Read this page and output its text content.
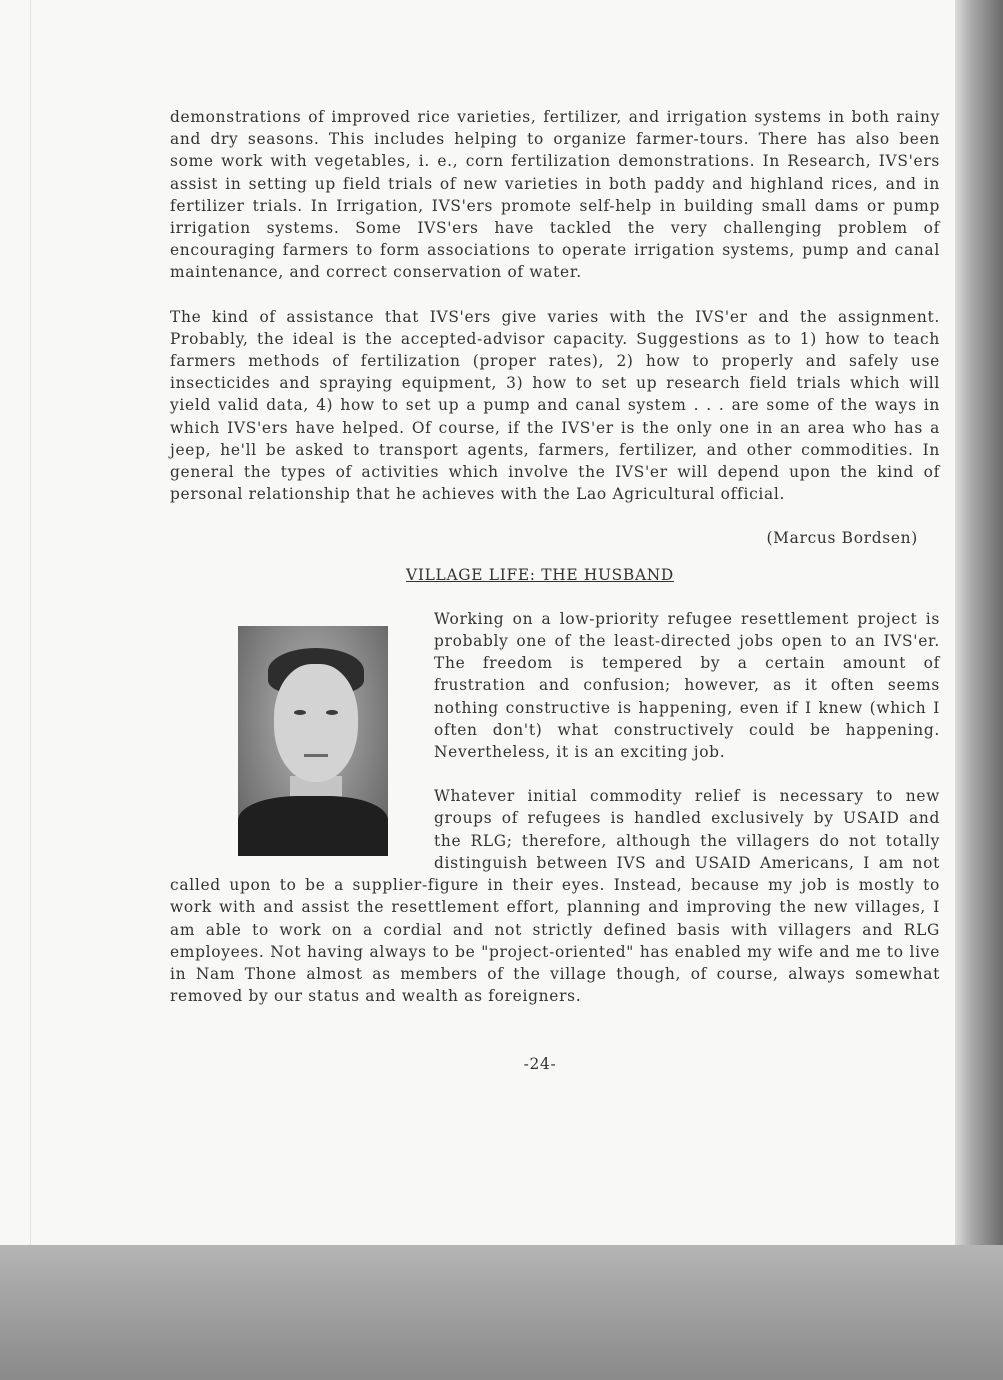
demonstrations of improved rice varieties, fertilizer, and irrigation systems in both rainy and dry seasons. This includes helping to organize farmer-tours. There has also been some work with vegetables, i. e., corn fertilization demonstrations. In Research, IVS'ers assist in setting up field trials of new varieties in both paddy and highland rices, and in fertilizer trials. In Irrigation, IVS'ers promote self-help in building small dams or pump irrigation systems. Some IVS'ers have tackled the very challenging problem of encouraging farmers to form associations to operate irrigation systems, pump and canal maintenance, and correct conservation of water.

The kind of assistance that IVS'ers give varies with the IVS'er and the assignment. Probably, the ideal is the accepted-advisor capacity. Suggestions as to 1) how to teach farmers methods of fertilization (proper rates), 2) how to properly and safely use insecticides and spraying equipment, 3) how to set up research field trials which will yield valid data, 4) how to set up a pump and canal system . . . are some of the ways in which IVS'ers have helped. Of course, if the IVS'er is the only one in an area who has a jeep, he'll be asked to transport agents, farmers, fertilizer, and other commodities. In general the types of activities which involve the IVS'er will depend upon the kind of personal relationship that he achieves with the Lao Agricultural official.

(Marcus Bordsen)

VILLAGE LIFE: THE HUSBAND

Working on a low-priority refugee resettlement project is probably one of the least-directed jobs open to an IVS'er. The freedom is tempered by a certain amount of frustration and confusion; however, as it often seems nothing constructive is happening, even if I knew (which I often don't) what constructively could be happening. Nevertheless, it is an exciting job.

Whatever initial commodity relief is necessary to new groups of refugees is handled exclusively by USAID and the RLG; therefore, although the villagers do not totally distinguish between IVS and USAID Americans, I am not called upon to be a supplier-figure in their eyes. Instead, because my job is mostly to work with and assist the resettlement effort, planning and improving the new villages, I am able to work on a cordial and not strictly defined basis with villagers and RLG employees. Not having always to be "project-oriented" has enabled my wife and me to live in Nam Thone almost as members of the village though, of course, always somewhat removed by our status and wealth as foreigners.

-24-
